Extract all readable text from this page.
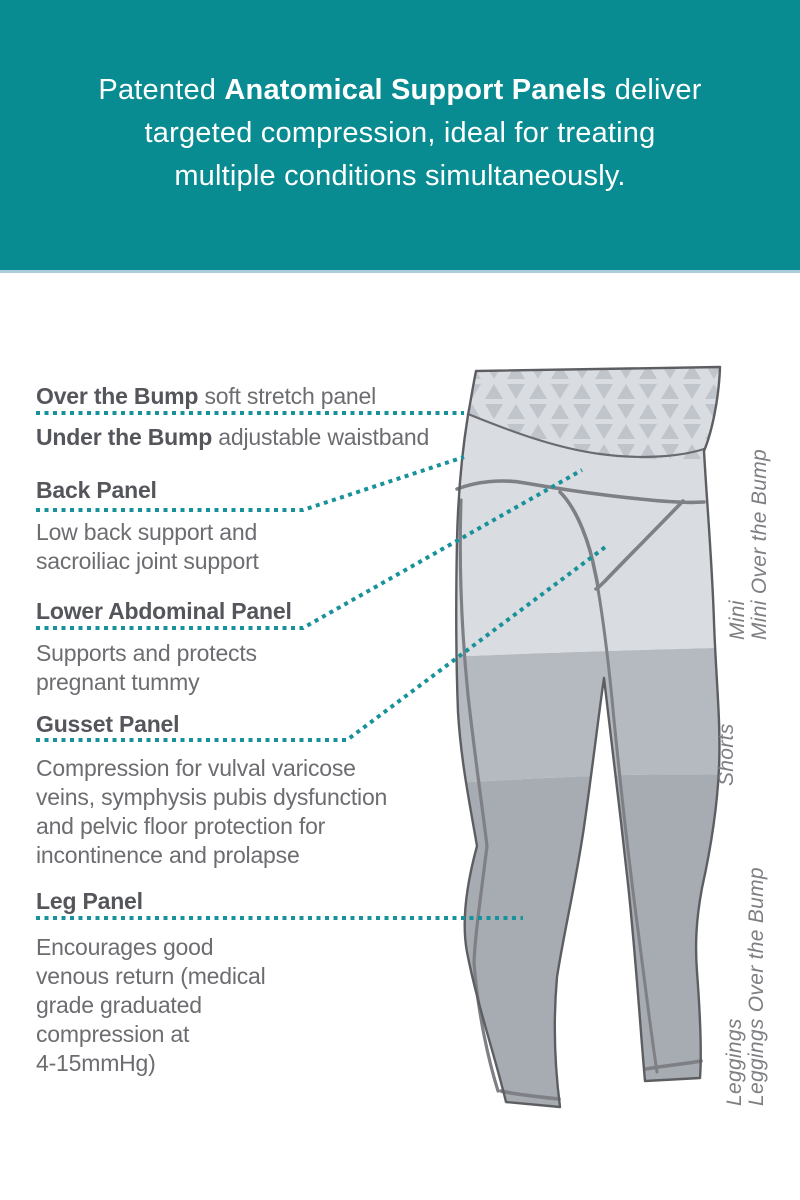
Patented Anatomical Support Panels deliver
targeted compression, ideal for treating
multiple conditions simultaneously.
Over the Bump soft stretch panel
Under the Bump adjustable waistband
Back Panel
Low back support and
sacroiliac joint support
Lower Abdominal Panel
Supports and protects
pregnant tummy
Gusset Panel
Compression for vulval varicose
veins, symphysis pubis dysfunction
and pelvic floor protection for
incontinence and prolapse
Leg Panel
Encourages good
venous return (medical
grade graduated
compression at
4-15mmHg)
Mini Mini Over the Bump
Shorts
Leggings Leggings Over the Bump
